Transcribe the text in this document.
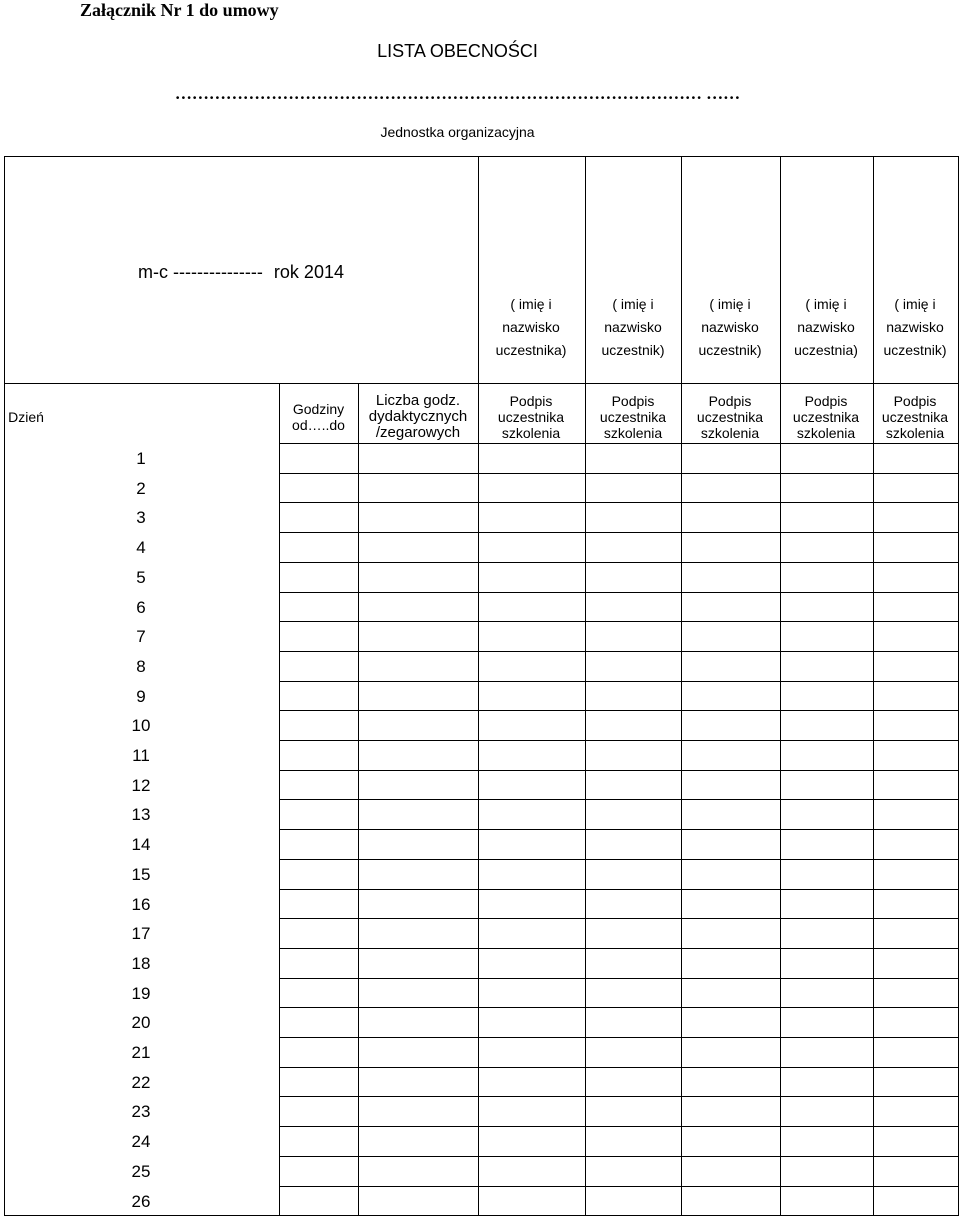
Załącznik Nr 1 do umowy
LISTA OBECNOŚCI
………………………………………………………………………………… ……
Jednostka organizacyjna
m-c --------------- rok 2014
( imię i
nazwisko
uczestnika)
( imię i
nazwisko
uczestnik)
( imię i
nazwisko
uczestnik)
( imię i
nazwisko
uczestnia)
( imię i
nazwisko
uczestnik)
Dzień	Godziny
od…..do
Liczba godz.
dydaktycznych
/zegarowych
Podpis
uczestnika
szkolenia
Podpis
uczestnika
szkolenia
Podpis
uczestnika
szkolenia
Podpis
uczestnika
szkolenia
Podpis
uczestnika
szkolenia
1
2
3
4
5
6
7
8
9
10
11
12
13
14
15
16
17
18
19
20
21
22
23
24
25
26
